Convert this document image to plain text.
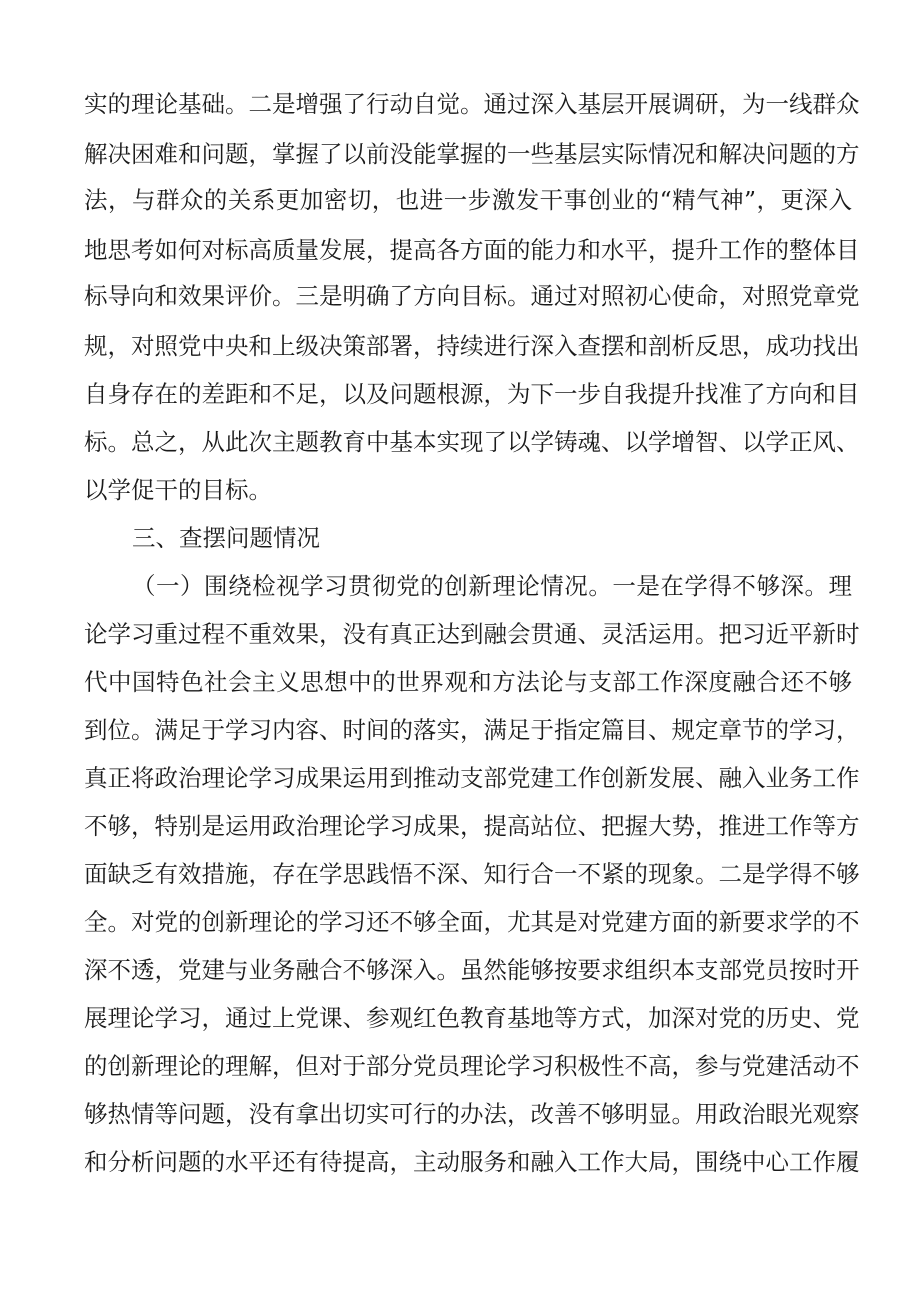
实的理论基础。二是增强了行动自觉。通过深入基层开展调研，为一线群众
解决困难和问题，掌握了以前没能掌握的一些基层实际情况和解决问题的方
法，与群众的关系更加密切，也进一步激发干事创业的“精气神”，更深入
地思考如何对标高质量发展，提高各方面的能力和水平，提升工作的整体目
标导向和效果评价。三是明确了方向目标。通过对照初心使命，对照党章党
规，对照党中央和上级决策部署，持续进行深入查摆和剖析反思，成功找出
自身存在的差距和不足，以及问题根源，为下一步自我提升找准了方向和目
标。总之，从此次主题教育中基本实现了以学铸魂、以学增智、以学正风、
以学促干的目标。
三、查摆问题情况
（一）围绕检视学习贯彻党的创新理论情况。一是在学得不够深。理
论学习重过程不重效果，没有真正达到融会贯通、灵活运用。把习近平新时
代中国特色社会主义思想中的世界观和方法论与支部工作深度融合还不够
到位。满足于学习内容、时间的落实，满足于指定篇目、规定章节的学习，
真正将政治理论学习成果运用到推动支部党建工作创新发展、融入业务工作
不够，特别是运用政治理论学习成果，提高站位、把握大势，推进工作等方
面缺乏有效措施，存在学思践悟不深、知行合一不紧的现象。二是学得不够
全。对党的创新理论的学习还不够全面，尤其是对党建方面的新要求学的不
深不透，党建与业务融合不够深入。虽然能够按要求组织本支部党员按时开
展理论学习，通过上党课、参观红色教育基地等方式，加深对党的历史、党
的创新理论的理解，但对于部分党员理论学习积极性不高，参与党建活动不
够热情等问题，没有拿出切实可行的办法，改善不够明显。用政治眼光观察
和分析问题的水平还有待提高，主动服务和融入工作大局，围绕中心工作履
